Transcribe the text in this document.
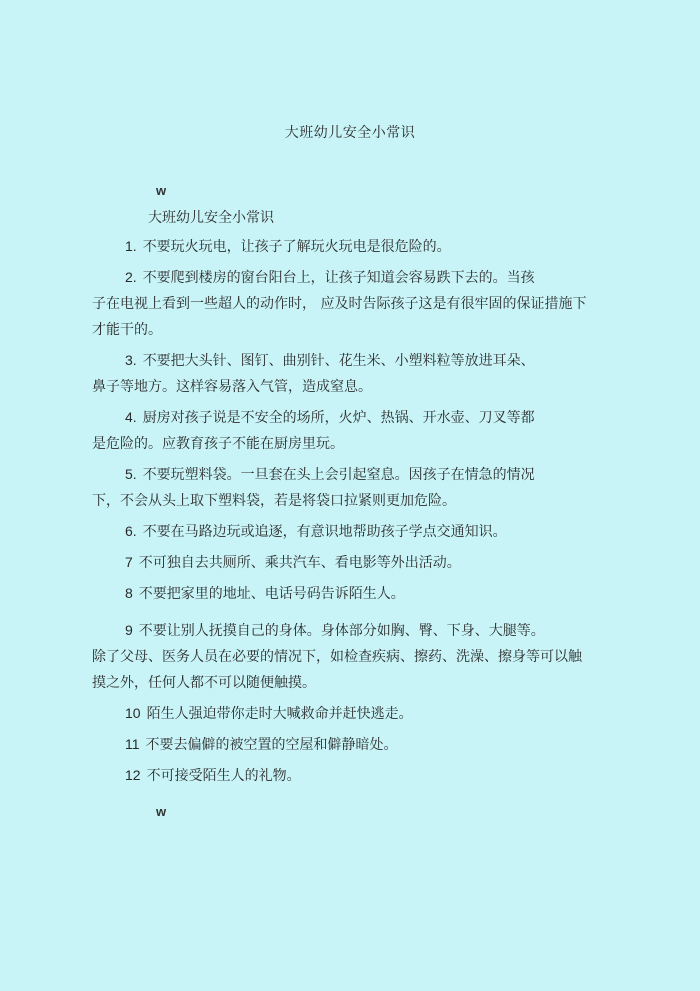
大班幼儿安全小常识
w
大班幼儿安全小常识
1. 不要玩火玩电，让孩子了解玩火玩电是很危险的。
2. 不要爬到楼房的窗台阳台上，让孩子知道会容易跌下去的。当孩
子在电视上看到一些超人的动作时， 应及时告际孩子这是有很牢固的保证措施下才能干的。
3. 不要把大头针、图钉、曲别针、花生米、小塑料粒等放进耳朵、
鼻子等地方。这样容易落入气管，造成窒息。
4. 厨房对孩子说是不安全的场所，火炉、热锅、开水壶、刀叉等都
是危险的。应教育孩子不能在厨房里玩。
5. 不要玩塑料袋。一旦套在头上会引起窒息。因孩子在情急的情况
下，不会从头上取下塑料袋，若是将袋口拉紧则更加危险。
6. 不要在马路边玩或追逐，有意识地帮助孩子学点交通知识。
7 不可独自去共厕所、乘共汽车、看电影等外出活动。
8 不要把家里的地址、电话号码告诉陌生人。
9 不要让别人抚摸自己的身体。身体部分如胸、臀、下身、大腿等。
除了父母、医务人员在必要的情况下，如检查疾病、擦药、洗澡、擦身等可以触摸之外，任何人都不可以随便触摸。
10 陌生人强迫带你走时大喊救命并赶快逃走。
11 不要去偏僻的被空置的空屋和僻静暗处。
12 不可接受陌生人的礼物。
w
